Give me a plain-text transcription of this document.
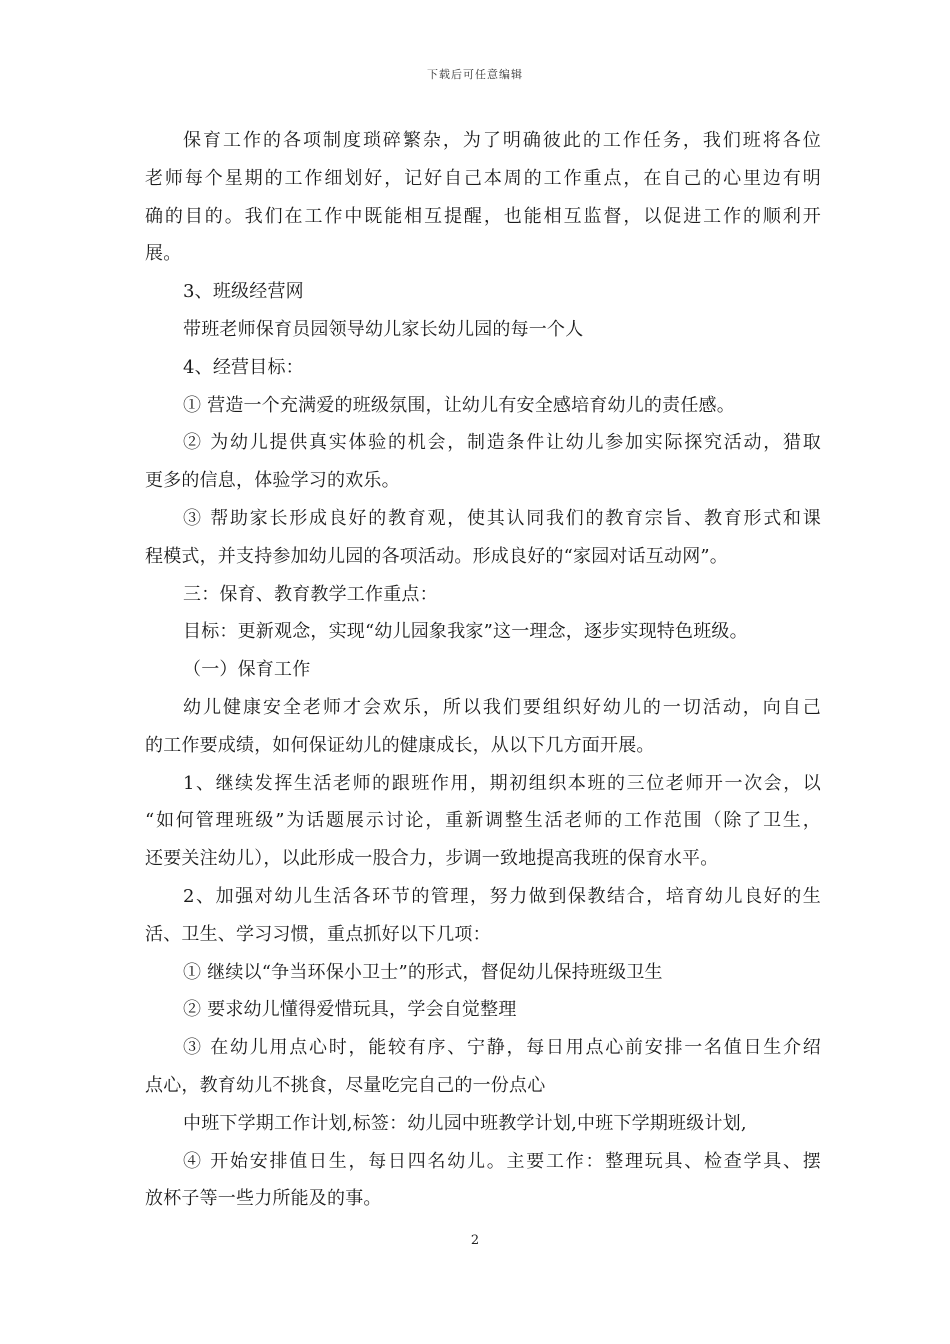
下载后可任意编辑
保育工作的各项制度琐碎繁杂，为了明确彼此的工作任务，我们班将各位
老师每个星期的工作细划好，记好自己本周的工作重点，在自己的心里边有明
确的目的。我们在工作中既能相互提醒，也能相互监督，以促进工作的顺利开
展。
3、班级经营网
带班老师保育员园领导幼儿家长幼儿园的每一个人
4、经营目标：
① 营造一个充满爱的班级氛围，让幼儿有安全感培育幼儿的责任感。
② 为幼儿提供真实体验的机会，制造条件让幼儿参加实际探究活动，猎取
更多的信息，体验学习的欢乐。
③ 帮助家长形成良好的教育观，使其认同我们的教育宗旨、教育形式和课
程模式，并支持参加幼儿园的各项活动。形成良好的“家园对话互动网”。
三：保育、教育教学工作重点：
目标：更新观念，实现“幼儿园象我家”这一理念，逐步实现特色班级。
（一）保育工作
幼儿健康安全老师才会欢乐，所以我们要组织好幼儿的一切活动，向自己
的工作要成绩，如何保证幼儿的健康成长，从以下几方面开展。
1、继续发挥生活老师的跟班作用，期初组织本班的三位老师开一次会，以
“如何管理班级”为话题展示讨论，重新调整生活老师的工作范围（除了卫生，
还要关注幼儿），以此形成一股合力，步调一致地提高我班的保育水平。
2、加强对幼儿生活各环节的管理，努力做到保教结合，培育幼儿良好的生
活、卫生、学习习惯，重点抓好以下几项：
① 继续以“争当环保小卫士”的形式，督促幼儿保持班级卫生
② 要求幼儿懂得爱惜玩具，学会自觉整理
③ 在幼儿用点心时，能较有序、宁静，每日用点心前安排一名值日生介绍
点心，教育幼儿不挑食，尽量吃完自己的一份点心
中班下学期工作计划,标签：幼儿园中班教学计划,中班下学期班级计划,
④ 开始安排值日生，每日四名幼儿。主要工作：整理玩具、检查学具、摆
放杯子等一些力所能及的事。
2
